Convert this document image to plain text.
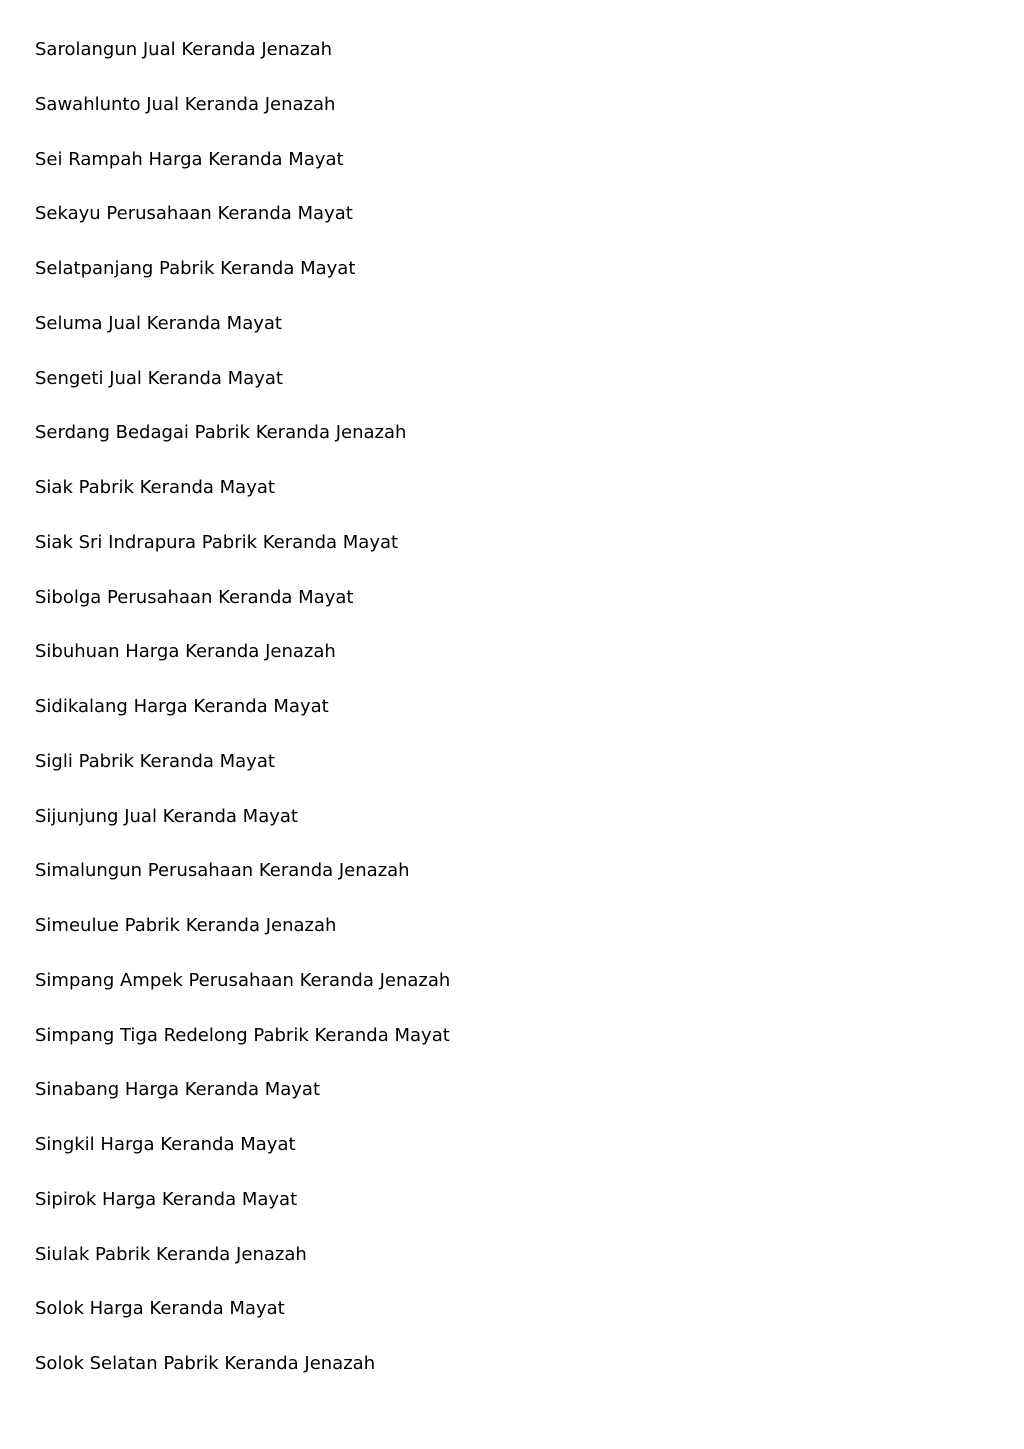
Sarolangun Jual Keranda Jenazah
Sawahlunto Jual Keranda Jenazah
Sei Rampah Harga Keranda Mayat
Sekayu Perusahaan Keranda Mayat
Selatpanjang Pabrik Keranda Mayat
Seluma Jual Keranda Mayat
Sengeti Jual Keranda Mayat
Serdang Bedagai Pabrik Keranda Jenazah
Siak Pabrik Keranda Mayat
Siak Sri Indrapura Pabrik Keranda Mayat
Sibolga Perusahaan Keranda Mayat
Sibuhuan Harga Keranda Jenazah
Sidikalang Harga Keranda Mayat
Sigli Pabrik Keranda Mayat
Sijunjung Jual Keranda Mayat
Simalungun Perusahaan Keranda Jenazah
Simeulue Pabrik Keranda Jenazah
Simpang Ampek Perusahaan Keranda Jenazah
Simpang Tiga Redelong Pabrik Keranda Mayat
Sinabang Harga Keranda Mayat
Singkil Harga Keranda Mayat
Sipirok Harga Keranda Mayat
Siulak Pabrik Keranda Jenazah
Solok Harga Keranda Mayat
Solok Selatan Pabrik Keranda Jenazah
